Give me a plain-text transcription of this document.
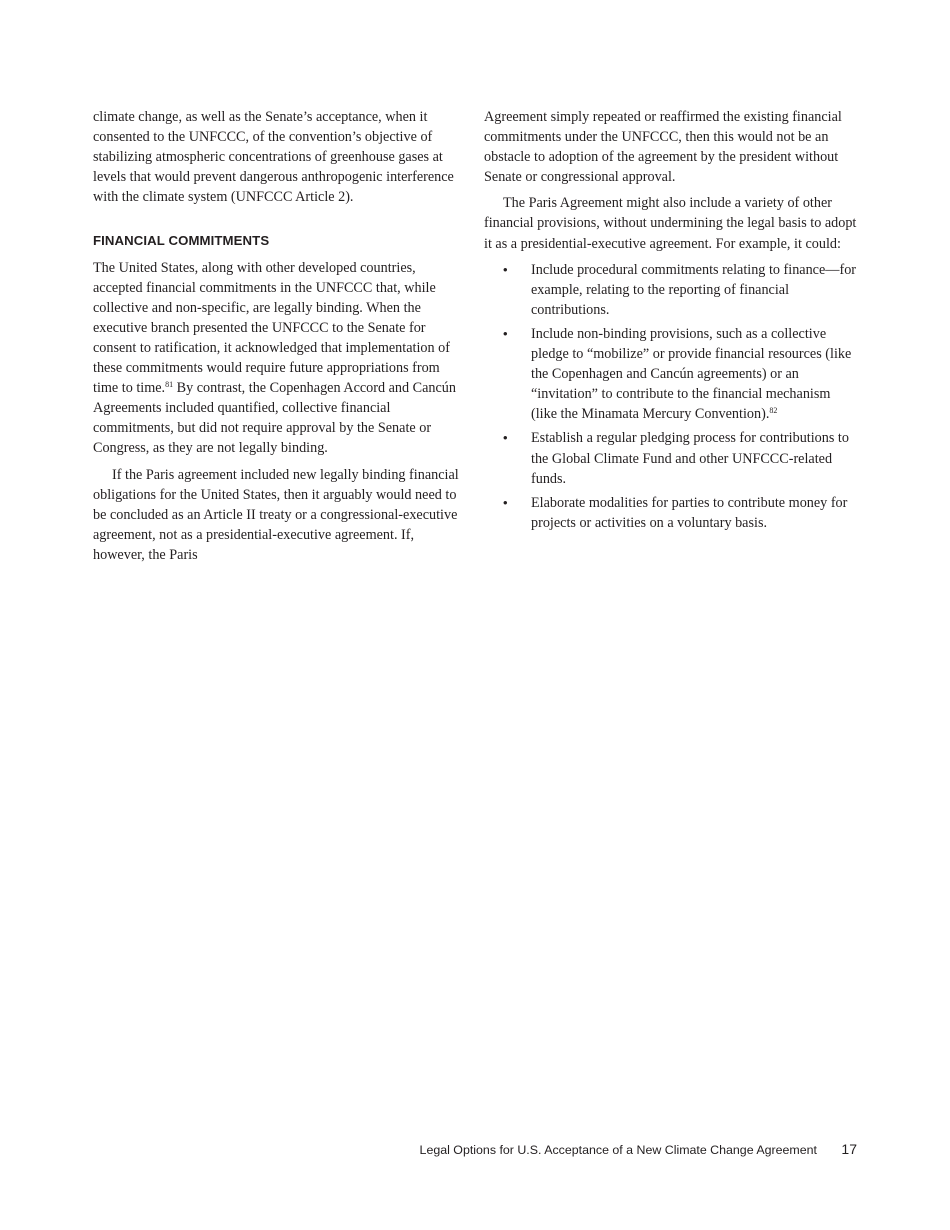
climate change, as well as the Senate’s acceptance, when it consented to the UNFCCC, of the convention’s objective of stabilizing atmospheric concentrations of greenhouse gases at levels that would prevent dangerous anthropogenic interference with the climate system (UNFCCC Article 2).

FINANCIAL COMMITMENTS

The United States, along with other developed countries, accepted financial commitments in the UNFCCC that, while collective and non-specific, are legally binding. When the executive branch presented the UNFCCC to the Senate for consent to ratification, it acknowledged that implementation of these commitments would require future appropriations from time to time.$^{81}$ By contrast, the Copenhagen Accord and Cancún Agreements included quantified, collective financial commitments, but did not require approval by the Senate or Congress, as they are not legally binding.

If the Paris agreement included new legally binding financial obligations for the United States, then it arguably would need to be concluded as an Article II treaty or a congressional-executive agreement, not as a presidential-executive agreement. If, however, the Paris

Agreement simply repeated or reaffirmed the existing financial commitments under the UNFCCC, then this would not be an obstacle to adoption of the agreement by the president without Senate or congressional approval.

The Paris Agreement might also include a variety of other financial provisions, without undermining the legal basis to adopt it as a presidential-executive agreement. For example, it could:

• Include procedural commitments relating to finance—for example, relating to the reporting of financial contributions.
• Include non-binding provisions, such as a collective pledge to “mobilize” or provide financial resources (like the Copenhagen and Cancún agreements) or an “invitation” to contribute to the financial mechanism (like the Minamata Mercury Convention).$^{82}$
• Establish a regular pledging process for contributions to the Global Climate Fund and other UNFCCC-related funds.
• Elaborate modalities for parties to contribute money for projects or activities on a voluntary basis.
Legal Options for U.S. Acceptance of a New Climate Change Agreement 17
